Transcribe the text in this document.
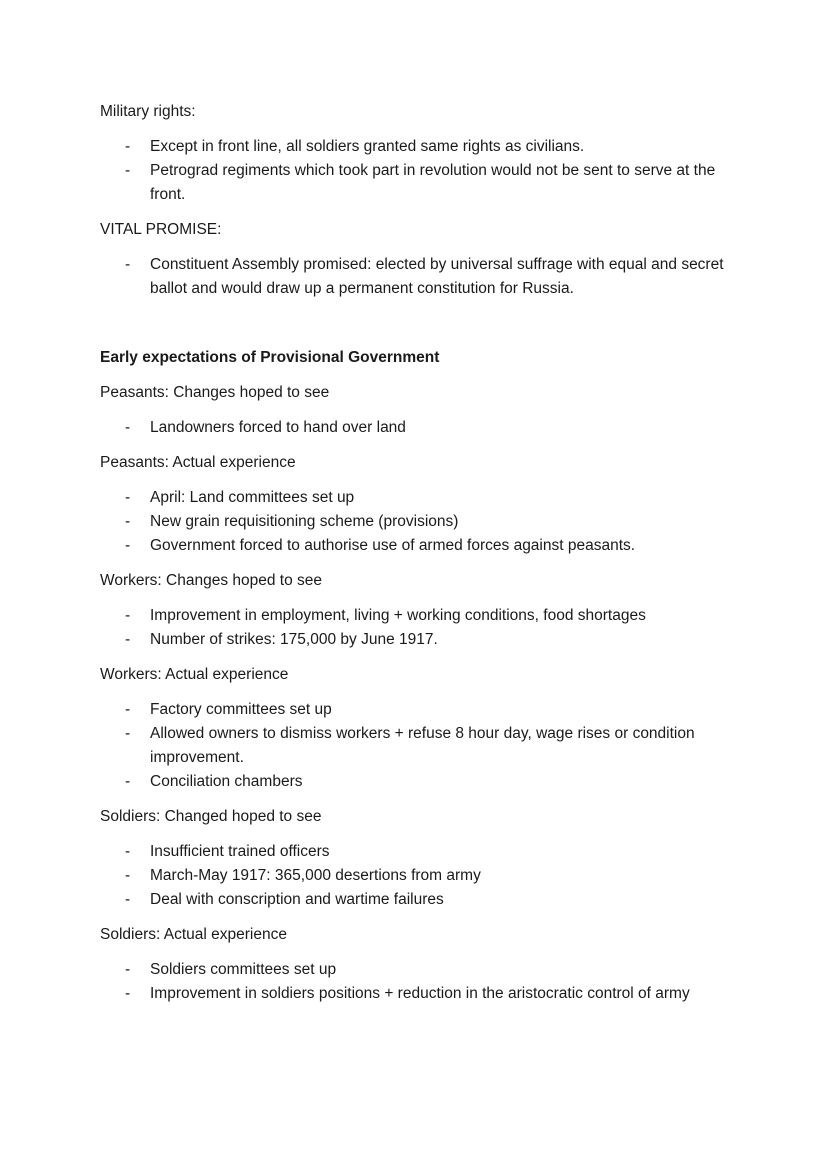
Military rights:

- Except in front line, all soldiers granted same rights as civilians.
- Petrograd regiments which took part in revolution would not be sent to serve at the front.

VITAL PROMISE:

- Constituent Assembly promised: elected by universal suffrage with equal and secret ballot and would draw up a permanent constitution for Russia.

Early expectations of Provisional Government

Peasants: Changes hoped to see

- Landowners forced to hand over land

Peasants: Actual experience

- April: Land committees set up
- New grain requisitioning scheme (provisions)
- Government forced to authorise use of armed forces against peasants.

Workers: Changes hoped to see

- Improvement in employment, living + working conditions, food shortages
- Number of strikes: 175,000 by June 1917.

Workers: Actual experience

- Factory committees set up
- Allowed owners to dismiss workers + refuse 8 hour day, wage rises or condition improvement.
- Conciliation chambers

Soldiers: Changed hoped to see

- Insufficient trained officers
- March-May 1917: 365,000 desertions from army
- Deal with conscription and wartime failures

Soldiers: Actual experience

- Soldiers committees set up
- Improvement in soldiers positions + reduction in the aristocratic control of army
